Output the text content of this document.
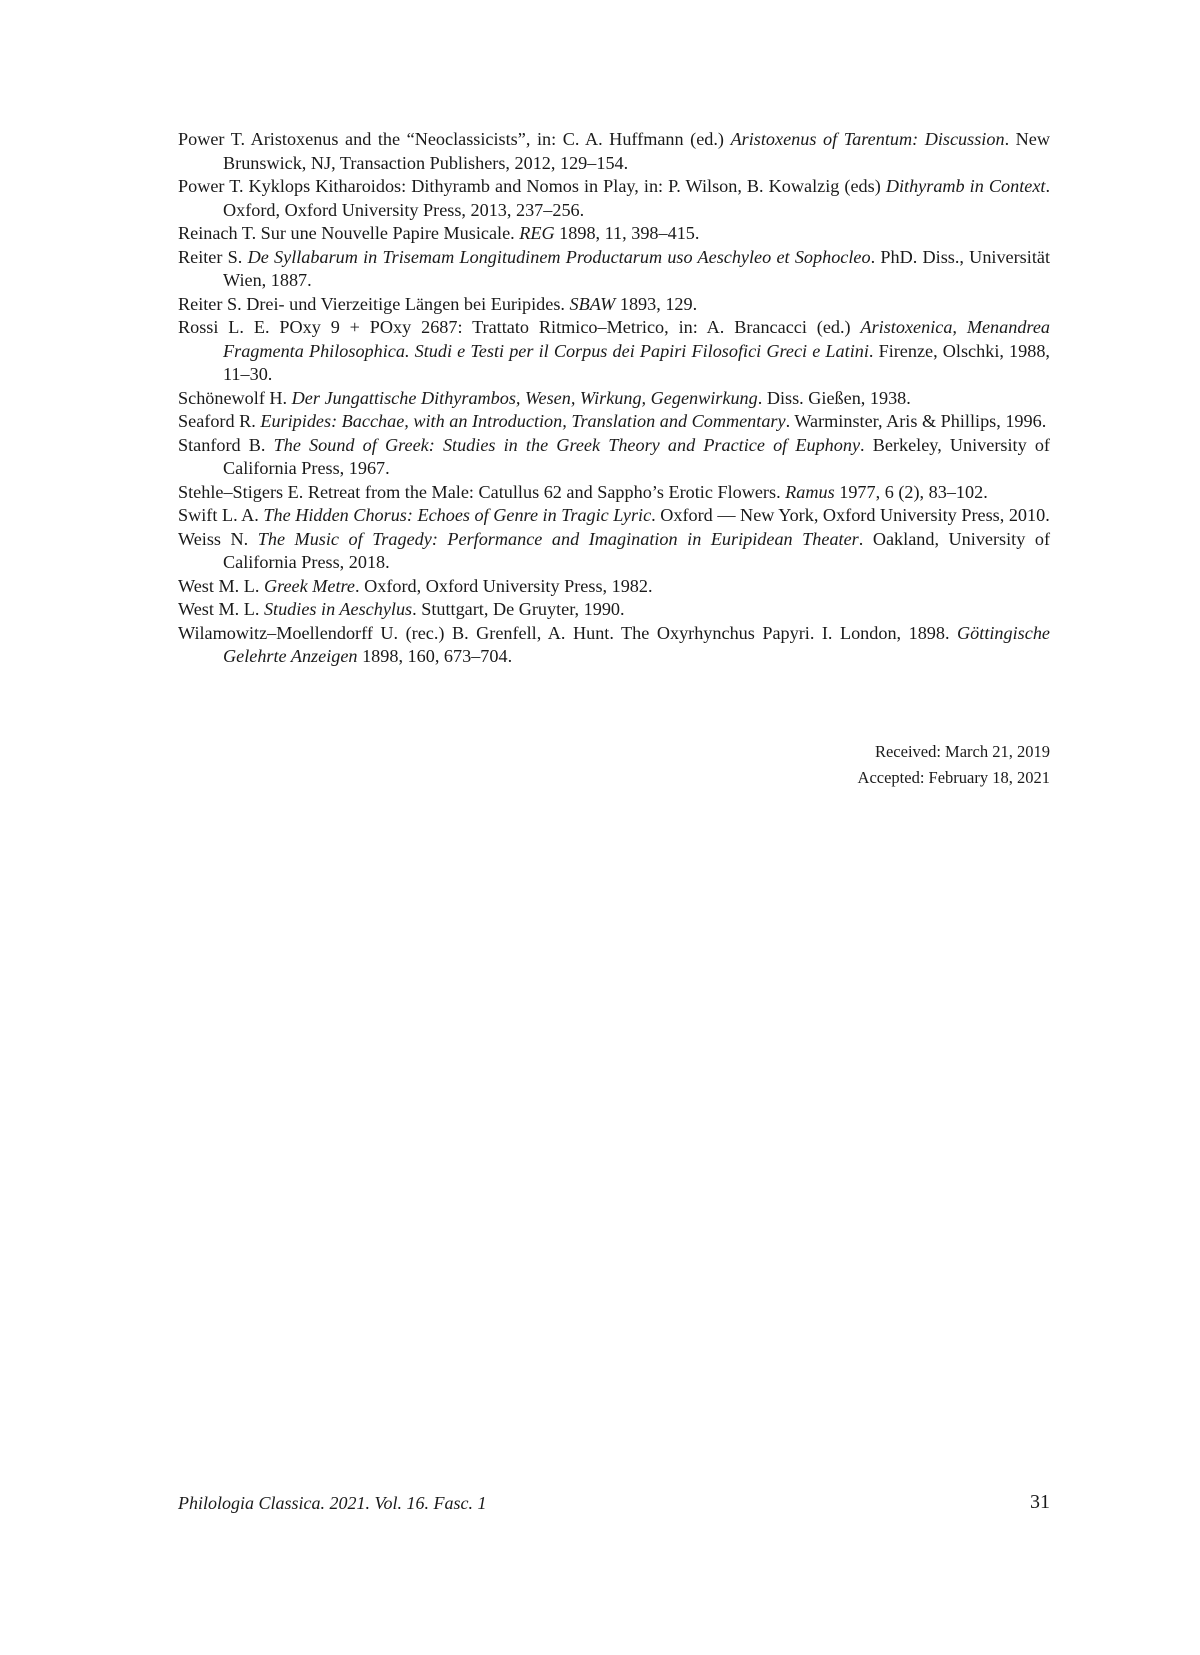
Power T. Aristoxenus and the “Neoclassicists”, in: C. A. Huffmann (ed.) Aristoxenus of Tarentum: Discussion. New Brunswick, NJ, Transaction Publishers, 2012, 129–154.

Power T. Kyklops Kitharoidos: Dithyramb and Nomos in Play, in: P. Wilson, B. Kowalzig (eds) Dithyramb in Context. Oxford, Oxford University Press, 2013, 237–256.

Reinach T. Sur une Nouvelle Papire Musicale. REG 1898, 11, 398–415.

Reiter S. De Syllabarum in Trisemam Longitudinem Productarum uso Aeschyleo et Sophocleo. PhD. Diss., Universität Wien, 1887.

Reiter S. Drei- und Vierzeitige Längen bei Euripides. SBAW 1893, 129.

Rossi L. E. POxy 9 + POxy 2687: Trattato Ritmico–Metrico, in: A. Brancacci (ed.) Aristoxenica, Menandrea Fragmenta Philosophica. Studi e Testi per il Corpus dei Papiri Filosofici Greci e Latini. Firenze, Olschki, 1988, 11–30.

Schönewolf H. Der Jungattische Dithyrambos, Wesen, Wirkung, Gegenwirkung. Diss. Gießen, 1938.

Seaford R. Euripides: Bacchae, with an Introduction, Translation and Commentary. Warminster, Aris & Phillips, 1996.

Stanford B. The Sound of Greek: Studies in the Greek Theory and Practice of Euphony. Berkeley, University of California Press, 1967.

Stehle–Stigers E. Retreat from the Male: Catullus 62 and Sappho’s Erotic Flowers. Ramus 1977, 6 (2), 83–102.

Swift L. A. The Hidden Chorus: Echoes of Genre in Tragic Lyric. Oxford — New York, Oxford University Press, 2010.

Weiss N. The Music of Tragedy: Performance and Imagination in Euripidean Theater. Oakland, University of California Press, 2018.

West M. L. Greek Metre. Oxford, Oxford University Press, 1982.

West M. L. Studies in Aeschylus. Stuttgart, De Gruyter, 1990.

Wilamowitz–Moellendorff U. (rec.) B. Grenfell, A. Hunt. The Oxyrhynchus Papyri. I. London, 1898. Göttingische Gelehrte Anzeigen 1898, 160, 673–704.

Received: March 21, 2019
Accepted: February 18, 2021
Philologia Classica. 2021. Vol. 16. Fasc. 1	31
